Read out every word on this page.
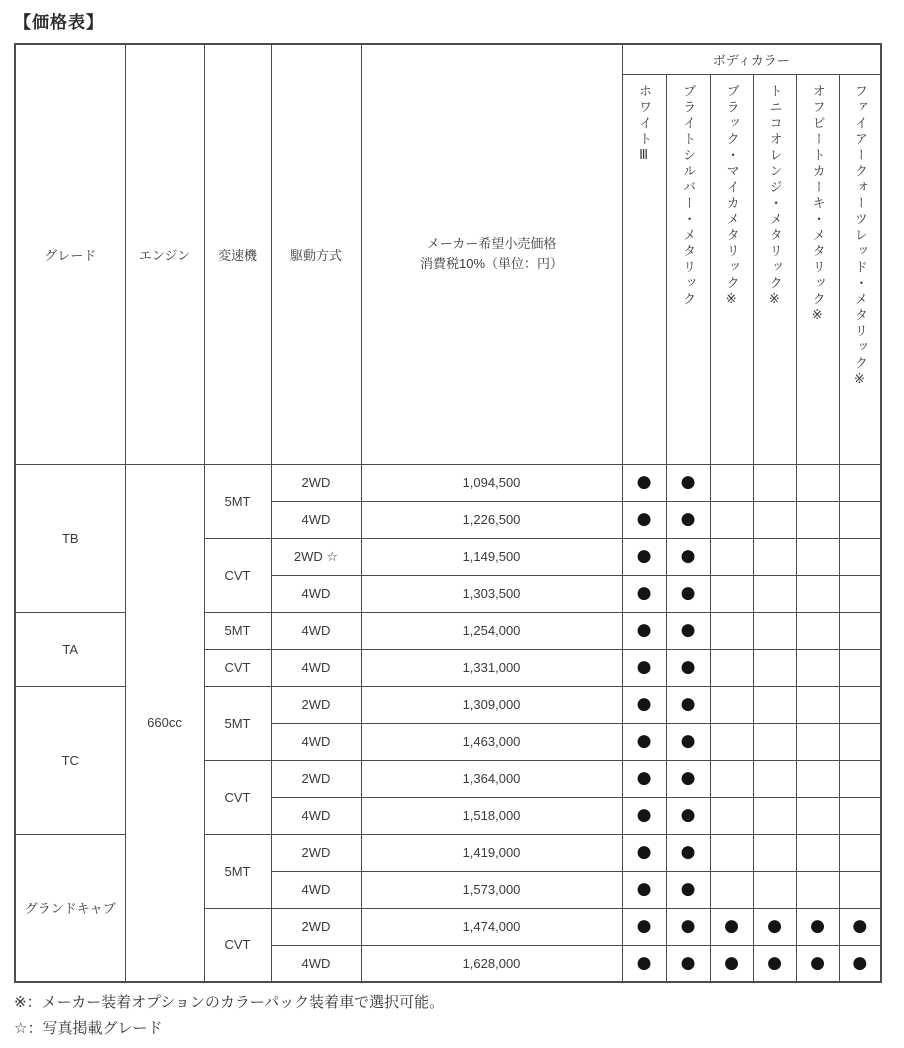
【価格表】
グレード	エンジン	変速機	駆動方式	メーカー希望小売価格
消費税10%（単位：円）	ボディカラー					

					ホワイトⅢ	ブライトシルバー・メタリック	ブラック・マイカメタリック※	トニコオレンジ・メタリック※	オフビートカーキ・メタリック※	ファイアークォーツレッド・メタリック※

TB	660cc	5MT	2WD	1,094,500	●	●				
			4WD	1,226,500	●	●				
		CVT	2WD ☆	1,149,500	●	●				
			4WD	1,303,500	●	●				
TA		5MT	4WD	1,254,000	●	●				
		CVT	4WD	1,331,000	●	●				
TC		5MT	2WD	1,309,000	●	●				
			4WD	1,463,000	●	●				
		CVT	2WD	1,364,000	●	●				
			4WD	1,518,000	●	●				
グランドキャブ		5MT	2WD	1,419,000	●	●				
			4WD	1,573,000	●	●				
		CVT	2WD	1,474,000	●	●	●	●	●	●
			4WD	1,628,000	●	●	●	●	●	●
※：メーカー装着オプションのカラーパック装着車で選択可能。
☆：写真掲載グレード
